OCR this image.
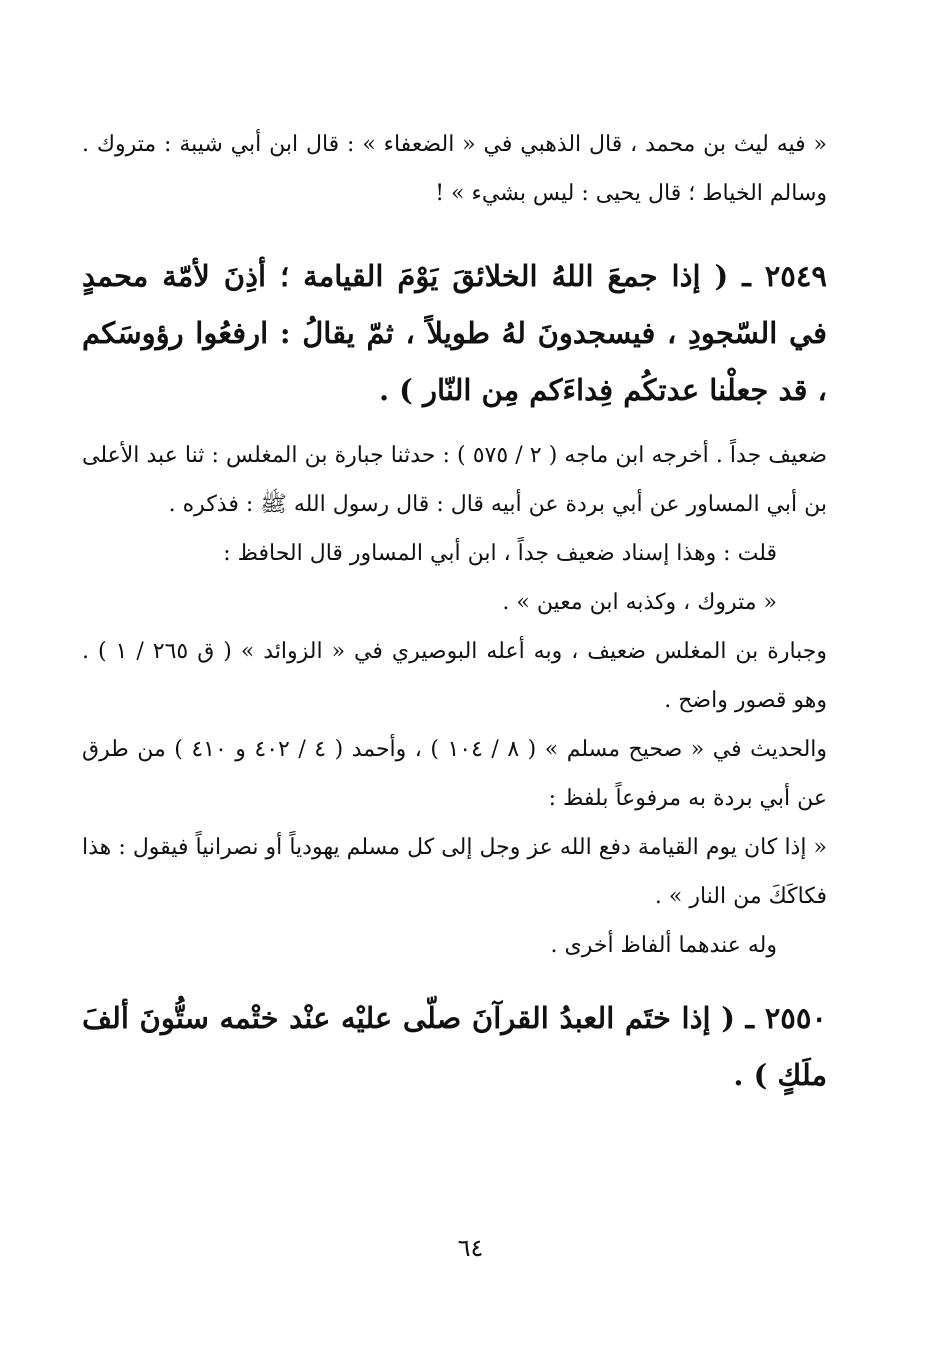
« فيه ليث بن محمد ، قال الذهبي في « الضعفاء » : قال ابن أبي شيبة : متروك . وسالم الخياط ؛ قال يحيى : ليس بشيء » !

٢٥٤٩ ـ ( إذا جمعَ اللهُ الخلائقَ يَوْمَ القيامة ؛ أذِنَ لأمّة محمدٍ في السّجودِ ، فيسجدونَ لهُ طويلاً ، ثمّ يقالُ : ارفعُوا رؤوسَكم ، قد جعلْنا عدتكُم فِداءَكم مِن النّار ) .

ضعيف جداً . أخرجه ابن ماجه ( ٢ / ٥٧٥ ) : حدثنا جبارة بن المغلس : ثنا عبد الأعلى بن أبي المساور عن أبي بردة عن أبيه قال : قال رسول الله ﷺ : فذكره .

قلت : وهذا إسناد ضعيف جداً ، ابن أبي المساور قال الحافظ :

« متروك ، وكذبه ابن معين » .

وجبارة بن المغلس ضعيف ، وبه أعله البوصيري في « الزوائد » ( ق ٢٦٥ / ١ ) . وهو قصور واضح .

والحديث في « صحيح مسلم » ( ٨ / ١٠٤ ) ، وأحمد ( ٤ / ٤٠٢ و ٤١٠ ) من طرق عن أبي بردة به مرفوعاً بلفظ :

« إذا كان يوم القيامة دفع الله عز وجل إلى كل مسلم يهودياً أو نصرانياً فيقول : هذا فكاكَكَ من النار » .

وله عندهما ألفاظ أخرى .

٢٥٥٠ ـ ( إذا ختَم العبدُ القرآنَ صلّى عليْه عنْد ختْمه ستُّونَ ألفَ ملَكٍ ) .

٦٤
